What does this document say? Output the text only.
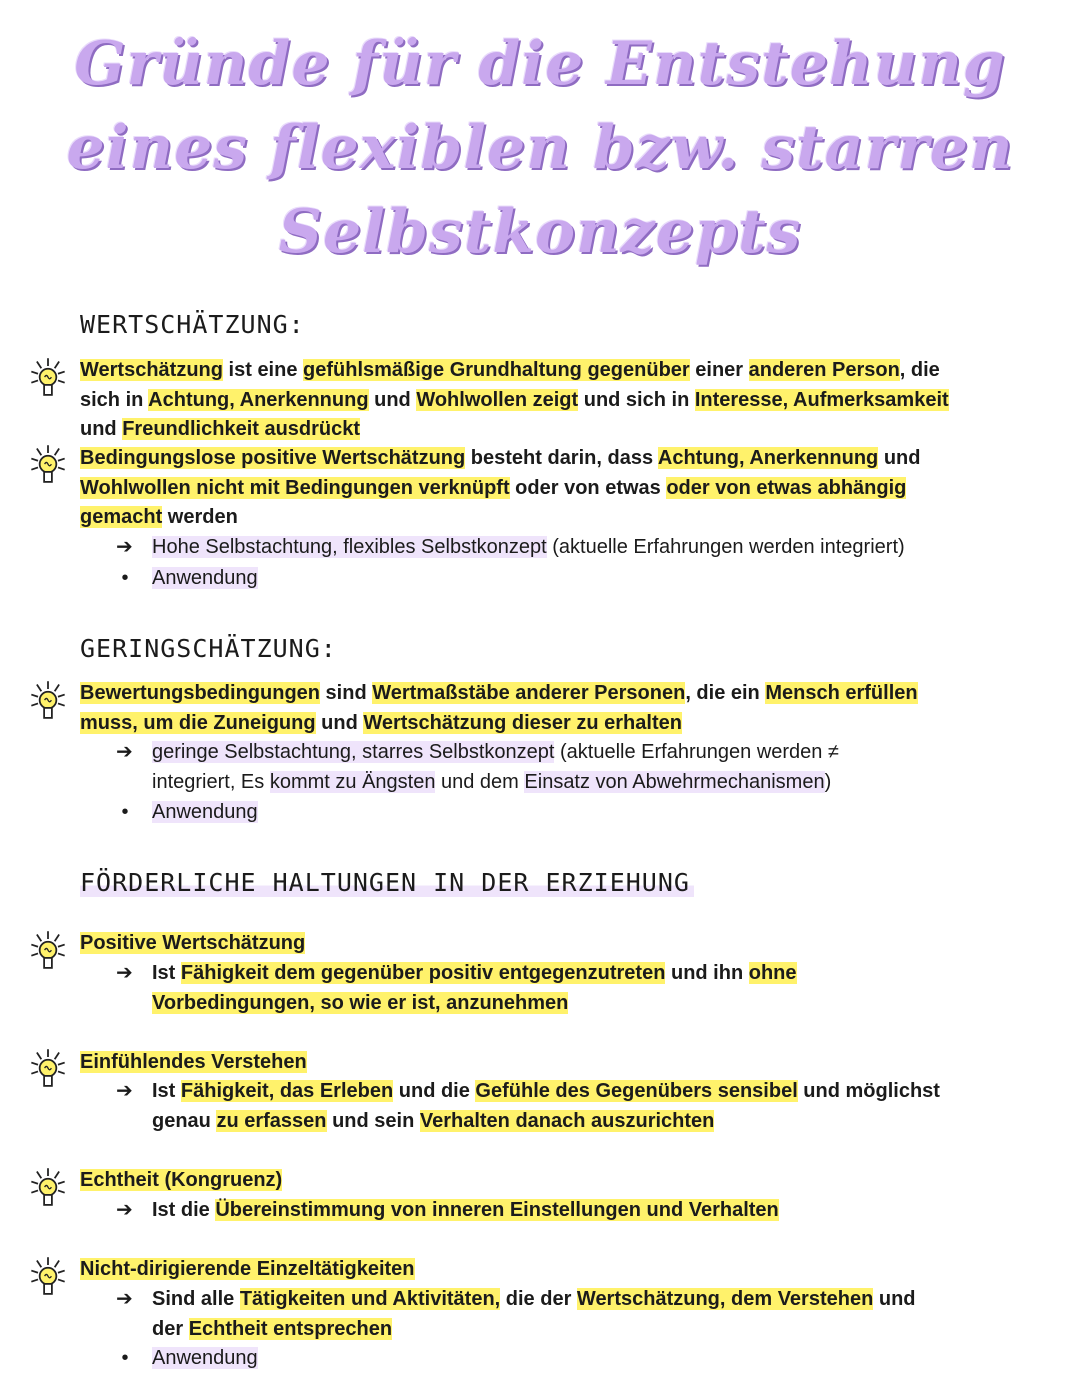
Gründe für die Entstehung
eines flexiblen bzw. starren
Selbstkonzepts
WERTSCHÄTZUNG:
Wertschätzung ist eine gefühlsmäßige Grundhaltung gegenüber einer anderen Person, die
sich in Achtung, Anerkennung und Wohlwollen zeigt und sich in Interesse, Aufmerksamkeit
und Freundlichkeit ausdrückt
Bedingungslose positive Wertschätzung besteht darin, dass Achtung, Anerkennung und
Wohlwollen nicht mit Bedingungen verknüpft oder von etwas oder von etwas abhängig
gemacht werden
➔ Hohe Selbstachtung, flexibles Selbstkonzept (aktuelle Erfahrungen werden integriert)
•	Anwendung
GERINGSCHÄTZUNG:
Bewertungsbedingungen sind Wertmaßstäbe anderer Personen, die ein Mensch erfüllen
muss, um die Zuneigung und Wertschätzung dieser zu erhalten
➔ geringe Selbstachtung, starres Selbstkonzept (aktuelle Erfahrungen werden ≠
integriert, Es kommt zu Ängsten und dem Einsatz von Abwehrmechanismen)
•	Anwendung
FÖRDERLICHE HALTUNGEN IN DER ERZIEHUNG
Positive Wertschätzung
➔ Ist Fähigkeit dem gegenüber positiv entgegenzutreten und ihn ohne
Vorbedingungen, so wie er ist, anzunehmen
Einfühlendes Verstehen
➔ Ist Fähigkeit, das Erleben und die Gefühle des Gegenübers sensibel und möglichst
genau zu erfassen und sein Verhalten danach auszurichten
Echtheit (Kongruenz)
➔ Ist die Übereinstimmung von inneren Einstellungen und Verhalten
Nicht-dirigierende Einzeltätigkeiten
➔ Sind alle Tätigkeiten und Aktivitäten, die der Wertschätzung, dem Verstehen und
der Echtheit entsprechen
•	Anwendung
